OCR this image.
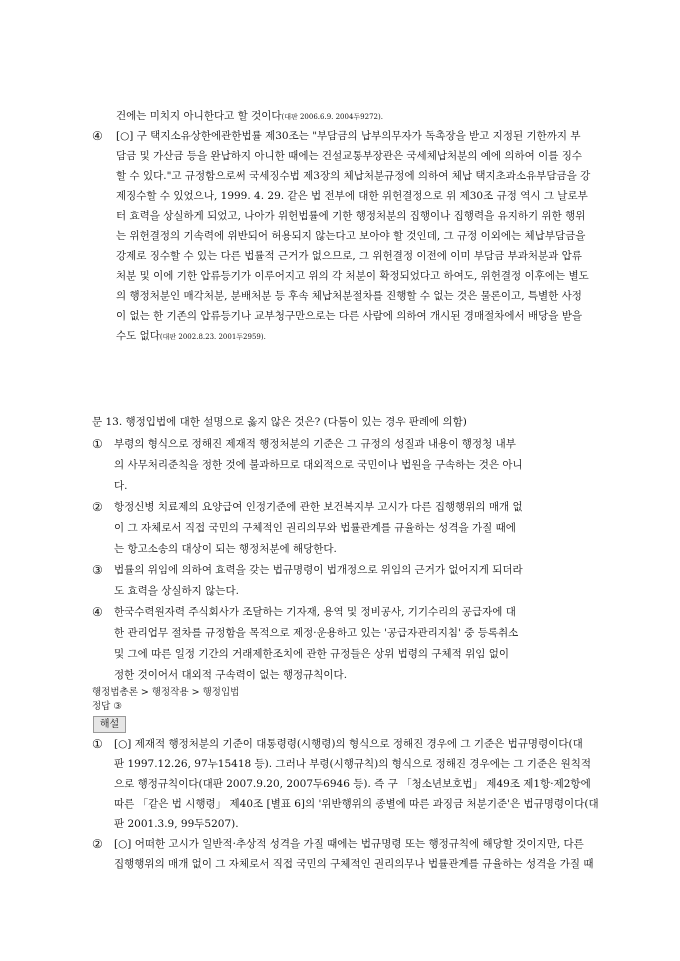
건에는 미치지 아니한다고 할 것이다(대판 2006.6.9. 2004두9272).
④ [○] 구 택지소유상한에관한법률 제30조는 "부담금의 납부의무자가 독촉장을 받고 지정된 기한까지 부
담금 및 가산금 등을 완납하지 아니한 때에는 건설교통부장관은 국세체납처분의 예에 의하여 이를 징수
할 수 있다."고 규정함으로써 국세징수법 제3장의 체납처분규정에 의하여 체납 택지초과소유부담금을 강
제징수할 수 있었으나, 1999. 4. 29. 같은 법 전부에 대한 위헌결정으로 위 제30조 규정 역시 그 날로부
터 효력을 상실하게 되었고, 나아가 위헌법률에 기한 행정처분의 집행이나 집행력을 유지하기 위한 행위
는 위헌결정의 기속력에 위반되어 허용되지 않는다고 보아야 할 것인데, 그 규정 이외에는 체납부담금을
강제로 징수할 수 있는 다른 법률적 근거가 없으므로, 그 위헌결정 이전에 이미 부담금 부과처분과 압류
처분 및 이에 기한 압류등기가 이루어지고 위의 각 처분이 확정되었다고 하여도, 위헌결정 이후에는 별도
의 행정처분인 매각처분, 분배처분 등 후속 체납처분절차를 진행할 수 없는 것은 물론이고, 특별한 사정
이 없는 한 기존의 압류등기나 교부청구만으로는 다른 사람에 의하여 개시된 경매절차에서 배당을 받을
수도 없다(대판 2002.8.23. 2001두2959).
문 13. 행정입법에 대한 설명으로 옳지 않은 것은? (다툼이 있는 경우 판례에 의함)
① 부령의 형식으로 정해진 제재적 행정처분의 기준은 그 규정의 성질과 내용이 행정청 내부
의 사무처리준칙을 정한 것에 불과하므로 대외적으로 국민이나 법원을 구속하는 것은 아니
다.
② 항정신병 치료제의 요양급여 인정기준에 관한 보건복지부 고시가 다른 집행행위의 매개 없
이 그 자체로서 직접 국민의 구체적인 권리의무와 법률관계를 규율하는 성격을 가질 때에
는 항고소송의 대상이 되는 행정처분에 해당한다.
③ 법률의 위임에 의하여 효력을 갖는 법규명령이 법개정으로 위임의 근거가 없어지게 되더라
도 효력을 상실하지 않는다.
④ 한국수력원자력 주식회사가 조달하는 기자재, 용역 및 정비공사, 기기수리의 공급자에 대
한 관리업무 절차를 규정함을 목적으로 제정·운용하고 있는 '공급자관리지침' 중 등록취소
및 그에 따른 일정 기간의 거래제한조치에 관한 규정들은 상위 법령의 구체적 위임 없이
정한 것이어서 대외적 구속력이 없는 행정규칙이다.
행정법총론 > 행정작용 > 행정입법
정답 ③
해설
① [○] 제재적 행정처분의 기준이 대통령령(시행령)의 형식으로 정해진 경우에 그 기준은 법규명령이다(대
판 1997.12.26, 97누15418 등). 그러나 부령(시행규칙)의 형식으로 정해진 경우에는 그 기준은 원칙적
으로 행정규칙이다(대판 2007.9.20, 2007두6946 등). 즉 구 「청소년보호법」 제49조 제1항·제2항에
따른 「같은 법 시행령」 제40조 [별표 6]의 '위반행위의 종별에 따른 과징금 처분기준'은 법규명령이다(대
판 2001.3.9, 99두5207).
② [○] 어떠한 고시가 일반적·추상적 성격을 가질 때에는 법규명령 또는 행정규칙에 해당할 것이지만, 다른
집행행위의 매개 없이 그 자체로서 직접 국민의 구체적인 권리의무나 법률관계를 규율하는 성격을 가질 때
